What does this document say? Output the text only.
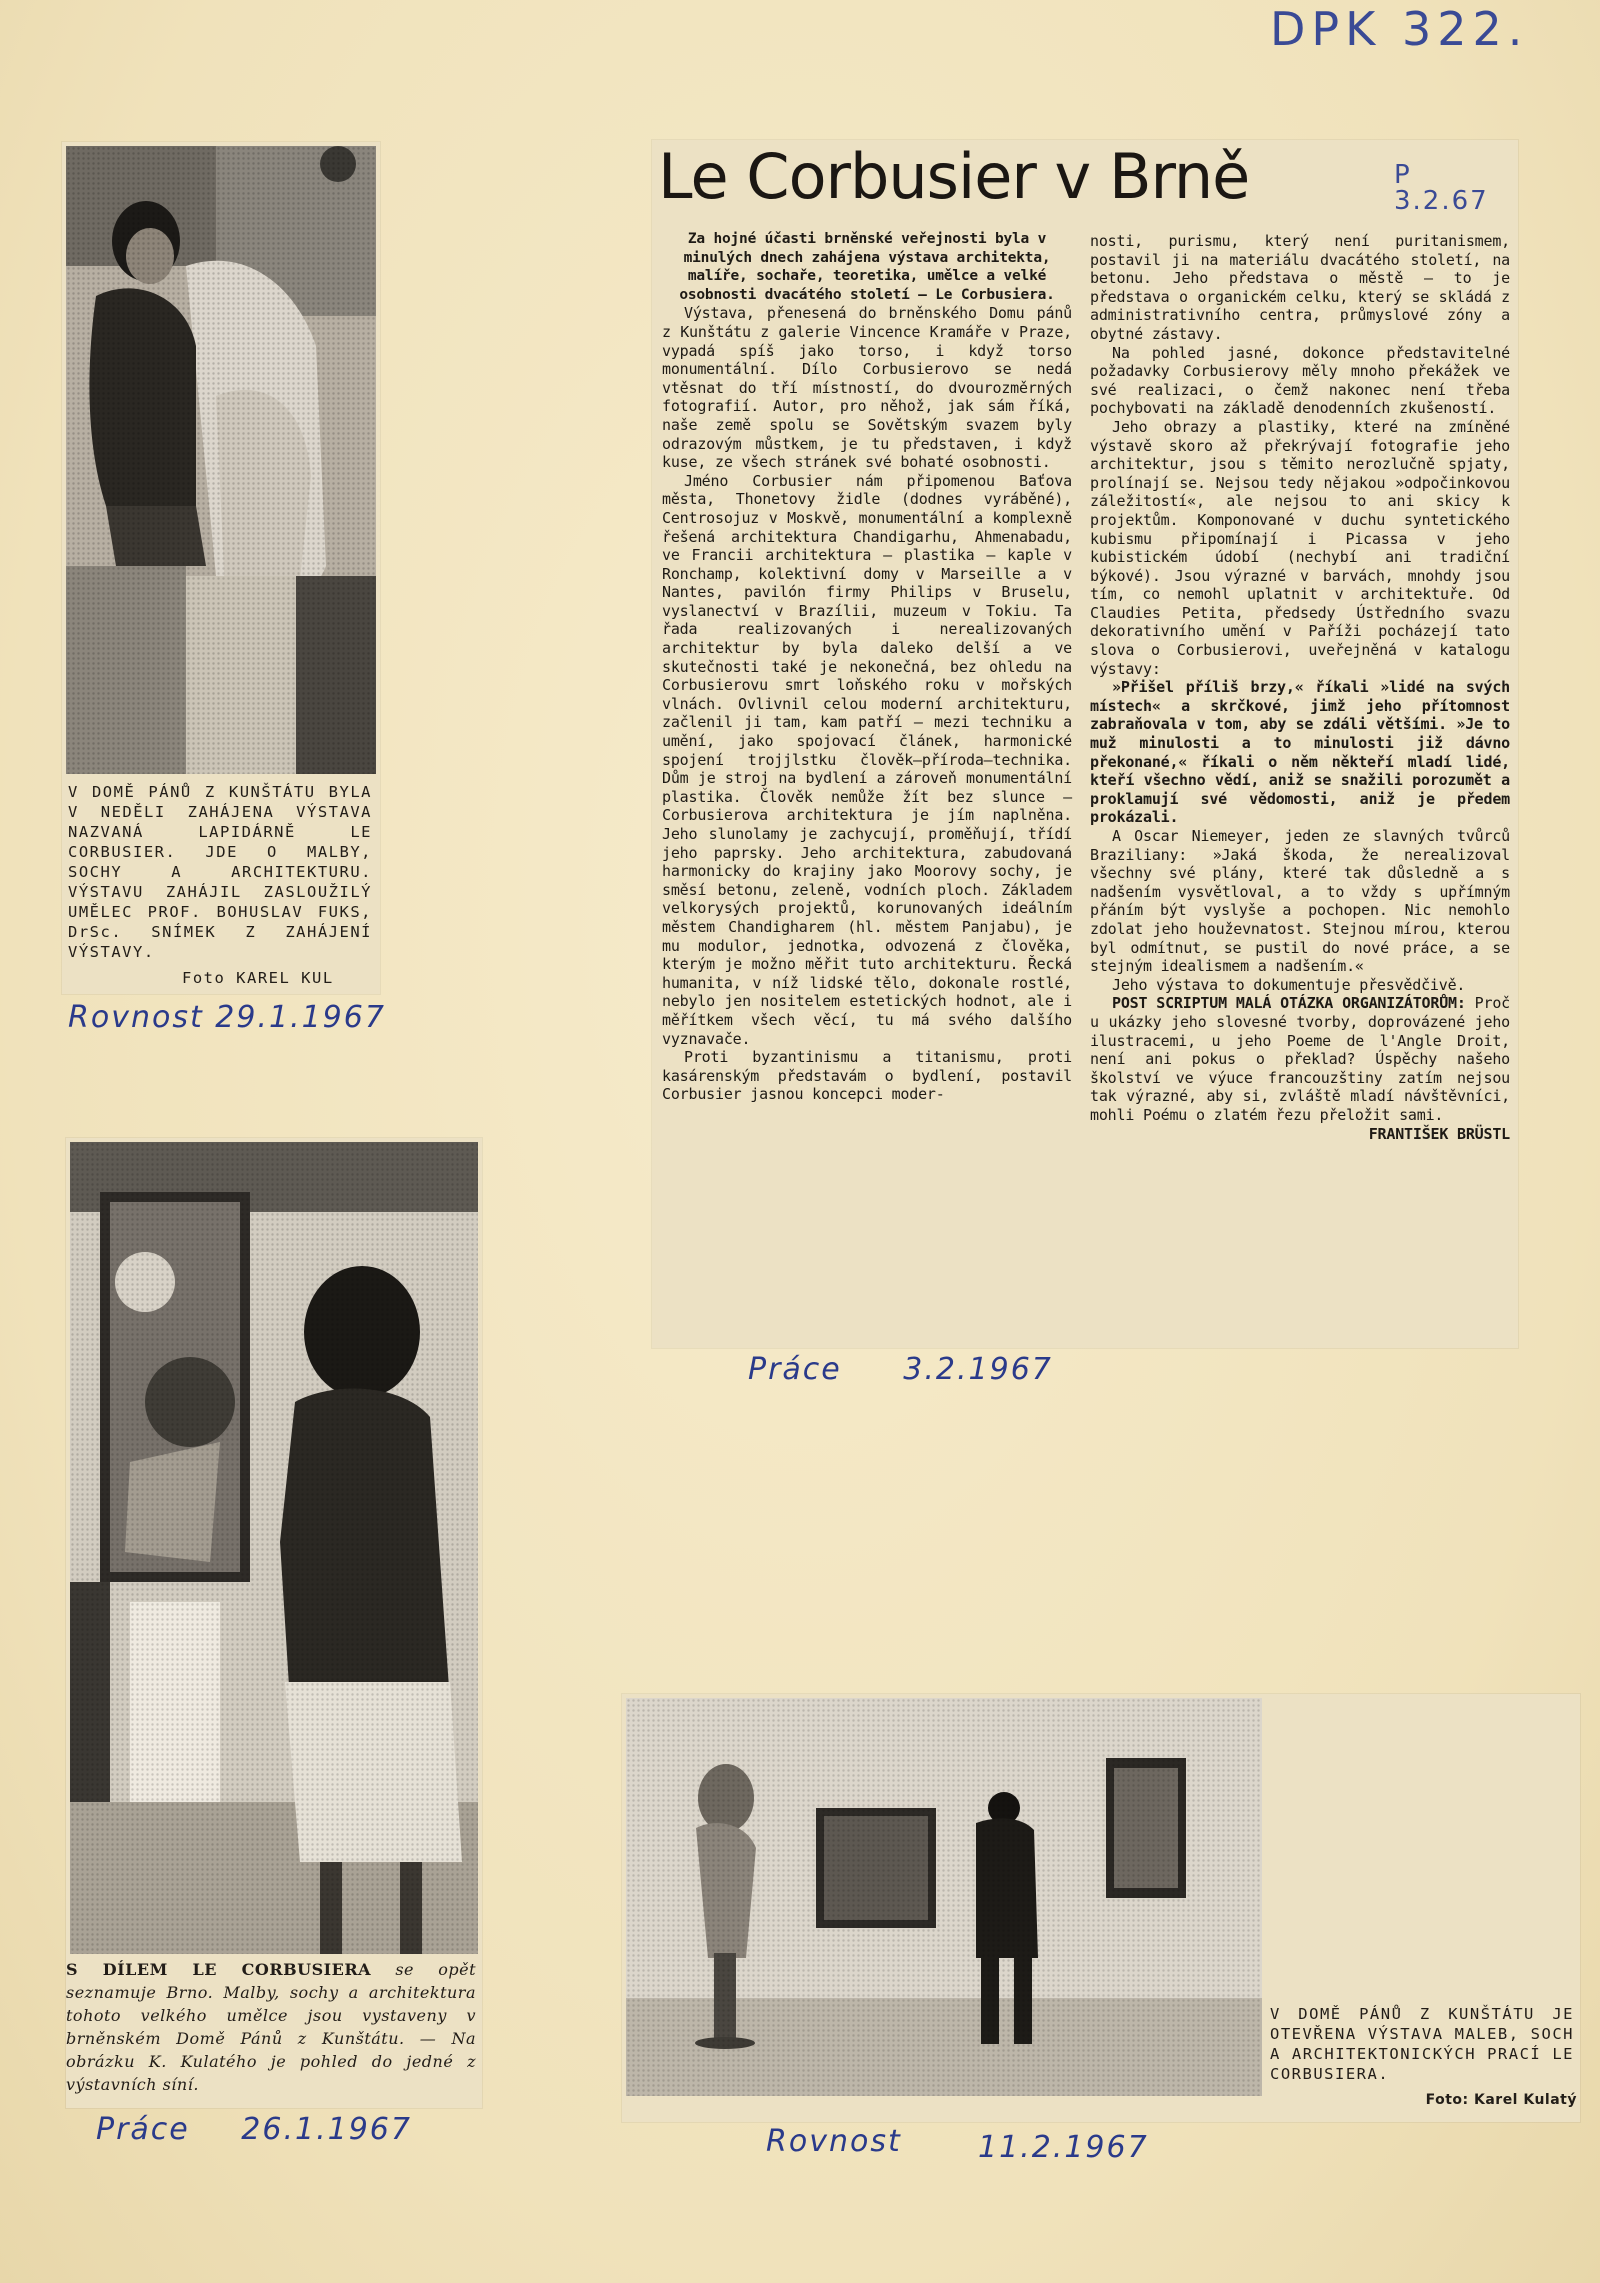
DPK 322.
V DOMĚ PÁNŮ Z KUNŠTÁTU BYLA V NEDĚLI ZAHÁJENA VÝSTAVA NAZVANÁ LAPIDÁRNĚ LE CORBUSIER. JDE O MALBY, SOCHY A ARCHITEKTURU. VÝSTAVU ZAHÁJIL ZASLOUŽILÝ UMĚLEC PROF. BOHUSLAV FUKS, DrSc. SNÍMEK Z ZAHÁJENÍ VÝSTAVY.
Foto KAREL KUL
Rovnost 29.1.1967
S DÍLEM LE CORBUSIERA se opět seznamuje Brno. Malby, sochy a architektura tohoto velkého umělce jsou vystaveny v brněnském Domě Pánů z Kunštátu. — Na obrázku K. Kulatého je pohled do jedné z výstavních síní.
Práce 26.1.1967
Le Corbusier v Brně	P 3.2.67

Za hojné účasti brněnské veřejnosti byla v minulých dnech zahájena výstava architekta, malíře, sochaře, teoretika, umělce a velké osobnosti dvacátého století — Le Corbusiera.

Výstava, přenesená do brněnského Domu pánů z Kunštátu z galerie Vincence Kramáře v Praze, vypadá spíš jako torso, i když torso monumentální. Dílo Corbusierovo se nedá vtěsnat do tří místností, do dvourozměrných fotografií. Autor, pro něhož, jak sám říká, naše země spolu se Sovětským svazem byly odrazovým můstkem, je tu představen, i když kuse, ze všech stránek své bohaté osobnosti.

Jméno Corbusier nám připomenou Baťova města, Thonetovy židle (dodnes vyráběné), Centrosojuz v Moskvě, monumentální a komplexně řešená architektura Chandigarhu, Ahmenabadu, ve Francii architektura — plastika — kaple v Ronchamp, kolektivní domy v Marseille a v Nantes, pavilón firmy Philips v Bruselu, vyslanectví v Brazílii, muzeum v Tokiu. Ta řada realizovaných i nerealizovaných architektur by byla daleko delší a ve skutečnosti také je nekonečná, bez ohledu na Corbusierovu smrt loňského roku v mořských vlnách. Ovlivnil celou moderní architekturu, začlenil ji tam, kam patří — mezi techniku a umění, jako spojovací článek, harmonické spojení trojjlstku člověk—příroda—technika. Dům je stroj na bydlení a zároveň monumentální plastika. Člověk nemůže žít bez slunce — Corbusierova architektura je jím naplněna. Jeho slunolamy je zachycují, proměňují, třídí jeho paprsky. Jeho architektura, zabudovaná harmonicky do krajiny jako Moorovy sochy, je směsí betonu, zeleně, vodních ploch. Základem velkorysých projektů, korunovaných ideálním městem Chandigharem (hl. městem Panjabu), je mu modulor, jednotka, odvozená z člověka, kterým je možno měřit tuto architekturu. Řecká humanita, v níž lidské tělo, dokonale rostlé, nebylo jen nositelem estetických hodnot, ale i měřítkem všech věcí, tu má svého dalšího vyznavače.

Proti byzantinismu a titanismu, proti kasárenským představám o bydlení, postavil Corbusier jasnou koncepci moder-

nosti, purismu, který není puritanismem, postavil ji na materiálu dvacátého století, na betonu. Jeho představa o městě — to je představa o organickém celku, který se skládá z administrativního centra, průmyslové zóny a obytné zástavy.

Na pohled jasné, dokonce představitelné požadavky Corbusierovy měly mnoho překážek ve své realizaci, o čemž nakonec není třeba pochybovati na základě denodenních zkušeností.

Jeho obrazy a plastiky, které na zmíněné výstavě skoro až překrývají fotografie jeho architektur, jsou s těmito nerozlučně spjaty, prolínají se. Nejsou tedy nějakou »odpočinkovou záležitostí«, ale nejsou to ani skicy k projektům. Komponované v duchu syntetického kubismu připomínají i Picassa v jeho kubistickém údobí (nechybí ani tradiční býkové). Jsou výrazné v barvách, mnohdy jsou tím, co nemohl uplatnit v architektuře. Od Claudies Petita, předsedy Ústředního svazu dekorativního umění v Paříži pocházejí tato slova o Corbusierovi, uveřejněná v katalogu výstavy:

»Přišel příliš brzy,« říkali »lidé na svých místech« a skrčkové, jimž jeho přítomnost zabraňovala v tom, aby se zdáli většími. »Je to muž minulosti a to minulosti již dávno překonané,« říkali o něm někteří mladí lidé, kteří všechno vědí, aniž se snažili porozumět a proklamují své vědomosti, aniž je předem prokázali.

A Oscar Niemeyer, jeden ze slavných tvůrců Braziliany: »Jaká škoda, že nerealizoval všechny své plány, které tak důsledně a s nadšením vysvětloval, a to vždy s upřímným přáním být vyslyše a pochopen. Nic nemohlo zdolat jeho houževnatost. Stejnou mírou, kterou byl odmítnut, se pustil do nové práce, a se stejným idealismem a nadšením.«

Jeho výstava to dokumentuje přesvědčivě.

POST SCRIPTUM MALÁ OTÁZKA ORGANIZÁTORŮM: Proč u ukázky jeho slovesné tvorby, doprovázené jeho ilustracemi, u jeho Poeme de l'Angle Droit, není ani pokus o překlad? Úspěchy našeho školství ve výuce francouzštiny zatím nejsou tak výrazné, aby si, zvláště mladí návštěvníci, mohli Poému o zlatém řezu přeložit sami.

FRANTIŠEK BRÜSTL
Práce 3.2.1967
V DOMĚ PÁNŮ Z KUNŠTÁTU JE OTEVŘENA VÝSTAVA MALEB, SOCH A ARCHITEKTONICKÝCH PRACÍ LE CORBUSIERA.
Foto: Karel Kulatý
Rovnost	11.2.1967
